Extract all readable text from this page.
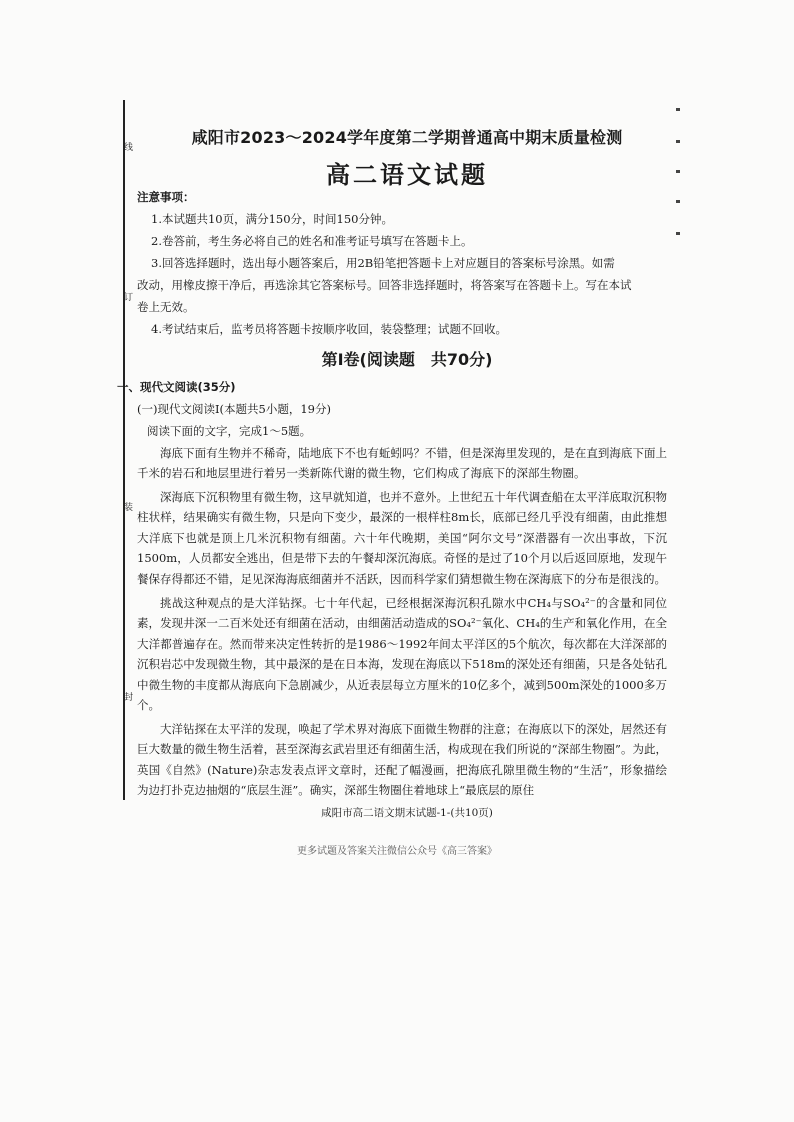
线
订
装
封
咸阳市2023～2024学年度第二学期普通高中期末质量检测
高二语文试题
注意事项：
1.本试题共10页，满分150分，时间150分钟。
2.卷答前，考生务必将自己的姓名和准考证号填写在答题卡上。
3.回答选择题时，选出每小题答案后，用2B铅笔把答题卡上对应题目的答案标号涂黑。如需
改动，用橡皮擦干净后，再选涂其它答案标号。回答非选择题时，将答案写在答题卡上。写在本试
卷上无效。
4.考试结束后，监考员将答题卡按顺序收回，装袋整理；试题不回收。
第Ⅰ卷(阅读题　共70分)
一、现代文阅读(35分)
(一)现代文阅读Ⅰ(本题共5小题，19分)
阅读下面的文字，完成1～5题。
海底下面有生物并不稀奇，陆地底下不也有蚯蚓吗？不错，但是深海里发现的，是在直到海底下面上千米的岩石和地层里进行着另一类新陈代谢的微生物，它们构成了海底下的深部生物圈。
深海底下沉积物里有微生物，这早就知道，也并不意外。上世纪五十年代调查船在太平洋底取沉积物柱状样，结果确实有微生物，只是向下变少，最深的一根样柱8m长，底部已经几乎没有细菌，由此推想大洋底下也就是顶上几米沉积物有细菌。六十年代晚期，美国“阿尔文号”深潜器有一次出事故，下沉1500m，人员都安全逃出，但是带下去的午餐却深沉海底。奇怪的是过了10个月以后返回原地，发现午餐保存得都还不错，足见深海海底细菌并不活跃，因而科学家们猜想微生物在深海底下的分布是很浅的。
挑战这种观点的是大洋钻探。七十年代起，已经根据深海沉积孔隙水中CH₄与SO₄²⁻的含量和同位素，发现井深一二百米处还有细菌在活动，由细菌活动造成的SO₄²⁻氧化、CH₄的生产和氧化作用，在全大洋都普遍存在。然而带来决定性转折的是1986～1992年间太平洋区的5个航次，每次都在大洋深部的沉积岩芯中发现微生物，其中最深的是在日本海，发现在海底以下518m的深处还有细菌，只是各处钻孔中微生物的丰度都从海底向下急剧减少，从近表层每立方厘米的10亿多个，减到500m深处的1000多万个。
大洋钻探在太平洋的发现，唤起了学术界对海底下面微生物群的注意；在海底以下的深处，居然还有巨大数量的微生物生活着，甚至深海玄武岩里还有细菌生活，构成现在我们所说的“深部生物圈”。为此，英国《自然》(Nature)杂志发表点评文章时，还配了幅漫画，把海底孔隙里微生物的“生活”，形象描绘为边打扑克边抽烟的“底层生涯”。确实，深部生物圈住着地球上“最底层的原住
咸阳市高二语文期末试题-1-(共10页)
更多试题及答案关注微信公众号《高三答案》
